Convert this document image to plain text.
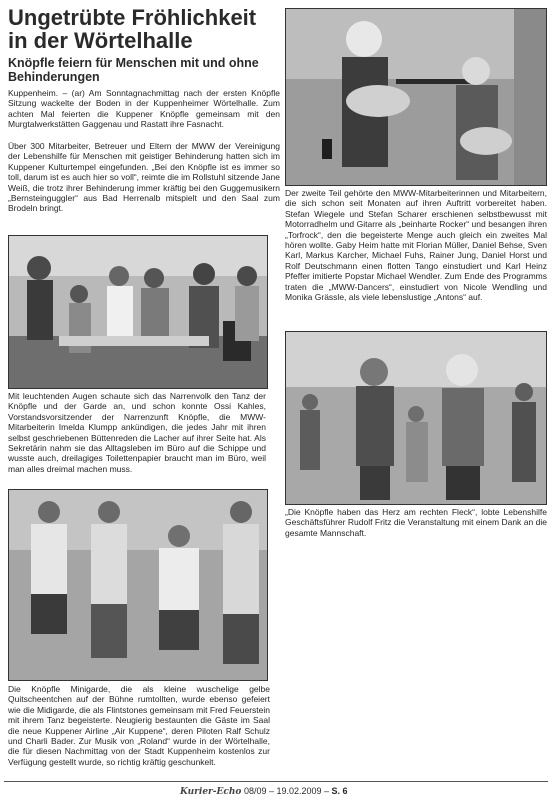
Ungetrübte Fröhlichkeit
in der Wörtelhalle
Knöpfle feiern für Menschen mit und ohne
Behinderungen
Kuppenheim. – (ar) Am Sonntagnachmittag nach der ersten Knöpfle Sitzung wackelte der Boden in der Kuppenheimer Wörtelhalle. Zum achten Mal feierten die Kuppener Knöpfle gemeinsam mit den Murgtalwerkstätten Gaggenau und Rastatt ihre Fasnacht.
Über 300 Mitarbeiter, Betreuer und Eltern der MWW der Vereinigung der Lebenshilfe für Menschen mit geistiger Behinderung hatten sich im Kuppener Kulturtempel eingefunden. „Bei den Knöpfle ist es immer so toll, darum ist es auch hier so voll“, reimte die im Rollstuhl sitzende Jane Weiß, die trotz ihrer Behinderung immer kräftig bei den Guggemusikern „Bernsteinguggler“ aus Bad Herrenalb mitspielt und den Saal zum Brodeln bringt.
Mit leuchtenden Augen schaute sich das Narrenvolk den Tanz der Knöpfle und der Garde an, und schon konnte Ossi Kahles, Vorstandsvorsitzender der Narrenzunft Knöpfle, die MWW-Mitarbeiterin Imelda Klumpp ankündigen, die jedes Jahr mit ihren selbst geschriebenen Büttenreden die Lacher auf ihrer Seite hat. Als Sekretärin nahm sie das Alltagsleben im Büro auf die Schippe und wusste auch, dreilagiges Toilettenpapier braucht man im Büro, weil man alles dreimal machen muss.
Die Knöpfle Minigarde, die als kleine wuschelige gelbe Quitscheentchen auf der Bühne rumtollten, wurde ebenso gefeiert wie die Midigarde, die als Flintstones gemeinsam mit Fred Feuerstein mit ihrem Tanz begeisterte. Neugierig bestaunten die Gäste im Saal die neue Kuppener Airline „Air Kuppene“, deren Piloten Ralf Schulz und Charli Bader. Zur Musik von „Roland“ wurde in der Wörtelhalle, die für diesen Nachmittag von der Stadt Kuppenheim kostenlos zur Verfügung gestellt wurde, so richtig kräftig geschunkelt.
Der zweite Teil gehörte den MWW-Mitarbeiterinnen und Mitarbeitern, die sich schon seit Monaten auf ihren Auftritt vorbereitet haben. Stefan Wiegele und Stefan Scharer erschienen selbstbewusst mit Motorradhelm und Gitarre als „beinharte Rocker“ und besangen ihren „Torfrock“, den die begeisterte Menge auch gleich ein zweites Mal hören wollte. Gaby Heim hatte mit Florian Müller, Daniel Behse, Sven Karl, Markus Karcher, Michael Fuhs, Rainer Jung, Daniel Horst und Rolf Deutschmann einen flotten Tango einstudiert und Karl Heinz Pfeffer imitierte Popstar Michael Wendler. Zum Ende des Programms traten die „MWW-Dancers“, einstudiert von Nicole Wendling und Monika Grässle, als viele lebenslustige „Antons“ auf.
„Die Knöpfle haben das Herz am rechten Fleck“, lobte Lebenshilfe Geschäftsführer Rudolf Fritz die Veranstaltung mit einem Dank an die gesamte Mannschaft.
Kurier-Echo 08/09 – 19.02.2009 – S. 6
